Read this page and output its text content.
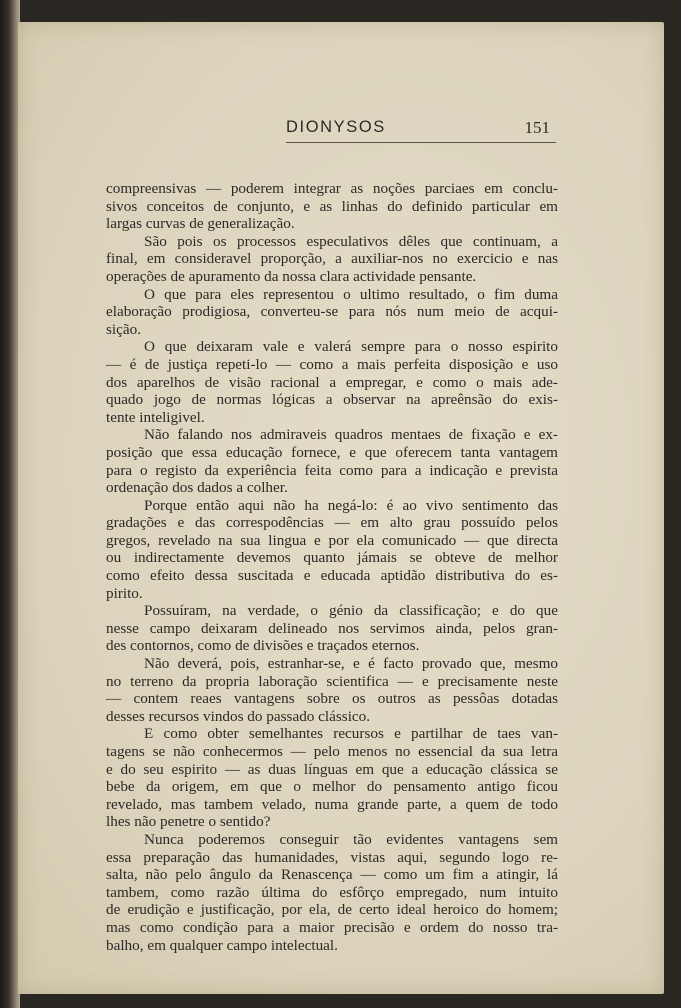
DIONYSOS	151
compreensivas — poderem integrar as noções parciaes em conclu-
sivos conceitos de conjunto, e as linhas do definido particular em
largas curvas de generalização.
São pois os processos especulativos dêles que continuam, a
final, em consideravel proporção, a auxiliar-nos no exercicio e nas
operações de apuramento da nossa clara actividade pensante.
O que para eles representou o ultimo resultado, o fim duma
elaboração prodigiosa, converteu-se para nós num meio de acqui-
sição.
O que deixaram vale e valerá sempre para o nosso espirito
— é de justiça repeti-lo — como a mais perfeita disposição e uso
dos aparelhos de visão racional a empregar, e como o mais ade-
quado jogo de normas lógicas a observar na apreênsão do exis-
tente inteligivel.
Não falando nos admiraveis quadros mentaes de fixação e ex-
posição que essa educação fornece, e que oferecem tanta vantagem
para o registo da experiência feita como para a indicação e prevista
ordenação dos dados a colher.
Porque então aqui não ha negá-lo: é ao vivo sentimento das
gradações e das correspodências — em alto grau possuído pelos
gregos, revelado na sua lingua e por ela comunicado — que directa
ou indirectamente devemos quanto jámais se obteve de melhor
como efeito dessa suscitada e educada aptidão distributiva do es-
pirito.
Possuíram, na verdade, o génio da classificação; e do que
nesse campo deixaram delineado nos servimos ainda, pelos gran-
des contornos, como de divisões e traçados eternos.
Não deverá, pois, estranhar-se, e é facto provado que, mesmo
no terreno da propria laboração scientifica — e precisamente neste
— contem reaes vantagens sobre os outros as pessôas dotadas
desses recursos vindos do passado clássico.
E como obter semelhantes recursos e partilhar de taes van-
tagens se não conhecermos — pelo menos no essencial da sua letra
e do seu espirito — as duas línguas em que a educação clássica se
bebe da origem, em que o melhor do pensamento antigo ficou
revelado, mas tambem velado, numa grande parte, a quem de todo
lhes não penetre o sentido?
Nunca poderemos conseguir tão evidentes vantagens sem
essa preparação das humanidades, vistas aqui, segundo logo re-
salta, não pelo ângulo da Renascença — como um fim a atingir, lá
tambem, como razão última do esfôrço empregado, num intuito
de erudição e justificação, por ela, de certo ideal heroico do homem;
mas como condição para a maior precisão e ordem do nosso tra-
balho, em qualquer campo intelectual.
